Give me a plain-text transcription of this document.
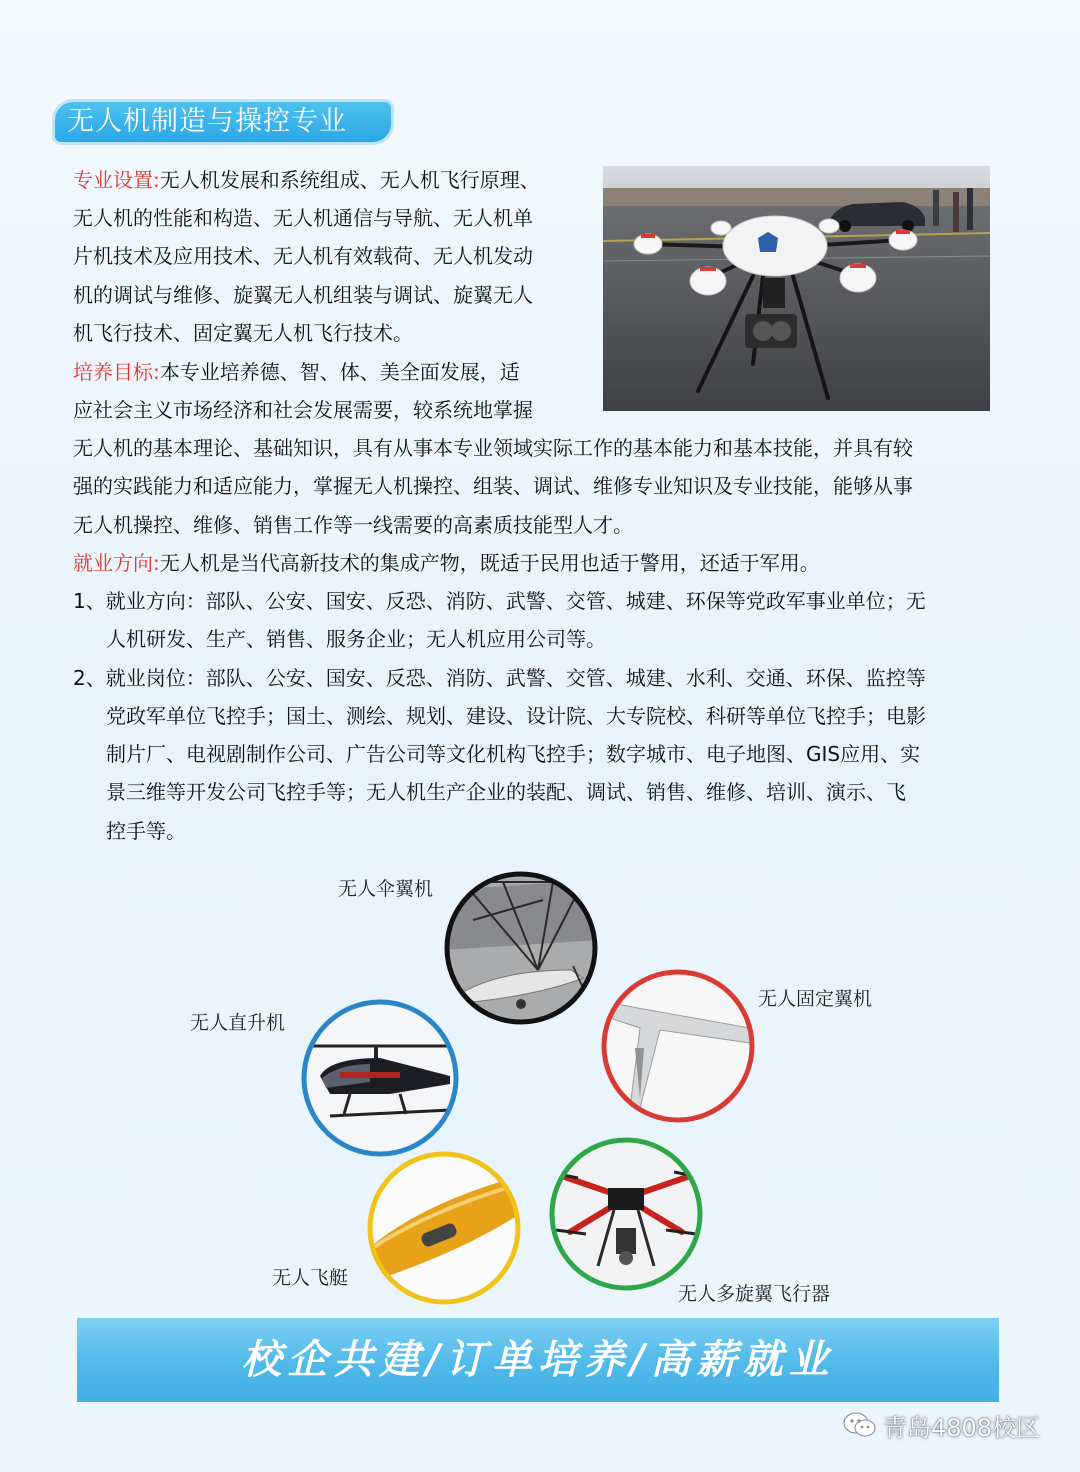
无人机制造与操控专业

专业设置:无人机发展和系统组成、无人机飞行原理、

无人机的性能和构造、无人机通信与导航、无人机单

片机技术及应用技术、无人机有效载荷、无人机发动

机的调试与维修、旋翼无人机组装与调试、旋翼无人

机飞行技术、固定翼无人机飞行技术。

培养目标:本专业培养德、智、体、美全面发展，适

应社会主义市场经济和社会发展需要，较系统地掌握

无人机的基本理论、基础知识，具有从事本专业领域实际工作的基本能力和基本技能，并具有较

强的实践能力和适应能力，掌握无人机操控、组装、调试、维修专业知识及专业技能，能够从事

无人机操控、维修、销售工作等一线需要的高素质技能型人才。

就业方向:无人机是当代高新技术的集成产物，既适于民用也适于警用，还适于军用。

1、就业方向：部队、公安、国安、反恐、消防、武警、交管、城建、环保等党政军事业单位；无

人机研发、生产、销售、服务企业；无人机应用公司等。

2、就业岗位：部队、公安、国安、反恐、消防、武警、交管、城建、水利、交通、环保、监控等

党政军单位飞控手；国土、测绘、规划、建设、设计院、大专院校、科研等单位飞控手；电影

制片厂、电视剧制作公司、广告公司等文化机构飞控手；数字城市、电子地图、GIS应用、实

景三维等开发公司飞控手等；无人机生产企业的装配、调试、销售、维修、培训、演示、飞

控手等。

无人伞翼机
无人固定翼机
无人直升机
无人飞艇
无人多旋翼飞行器
校企共建/订单培养/高薪就业
青岛4808校区
